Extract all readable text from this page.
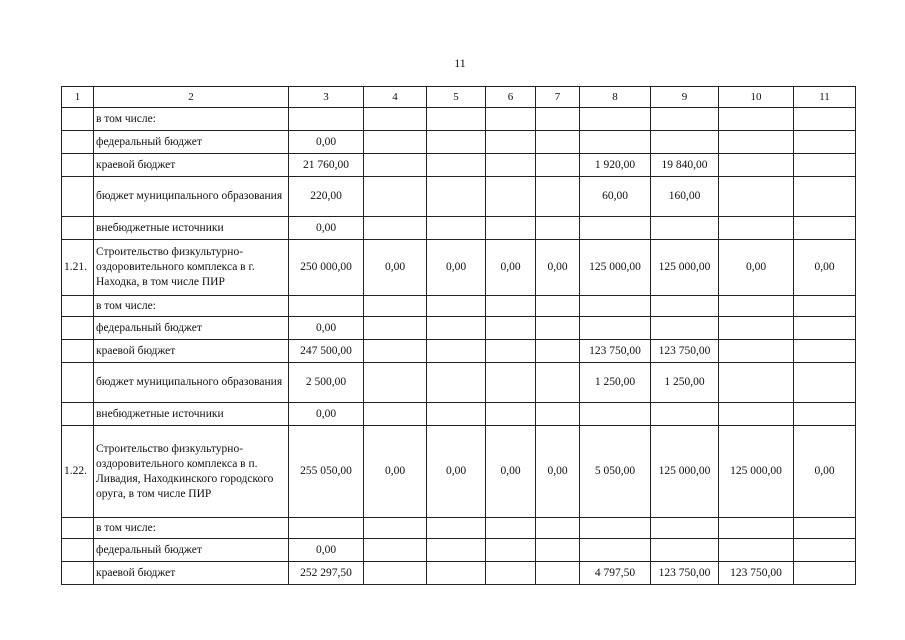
11
1	2	3	4	5	6	7	8	9	10	11
	в том числе:									
	федеральный бюджет	0,00								
	краевой бюджет	21 760,00					1 920,00	19 840,00		
	бюджет муниципального образования	220,00					60,00	160,00		
	внебюджетные источники	0,00								
1.21.	Строительство физкультурно-оздоровительного комплекса в г. Находка, в том числе ПИР	250 000,00	0,00	0,00	0,00	0,00	125 000,00	125 000,00	0,00	0,00
	в том числе:									
	федеральный бюджет	0,00								
	краевой бюджет	247 500,00					123 750,00	123 750,00		
	бюджет муниципального образования	2 500,00					1 250,00	1 250,00		
	внебюджетные источники	0,00								
1.22.	Строительство физкультурно-оздоровительного комплекса в п. Ливадия, Находкинского городского оруга, в том числе ПИР	255 050,00	0,00	0,00	0,00	0,00	5 050,00	125 000,00	125 000,00	0,00
	в том числе:									
	федеральный бюджет	0,00								
	краевой бюджет	252 297,50					4 797,50	123 750,00	123 750,00	
